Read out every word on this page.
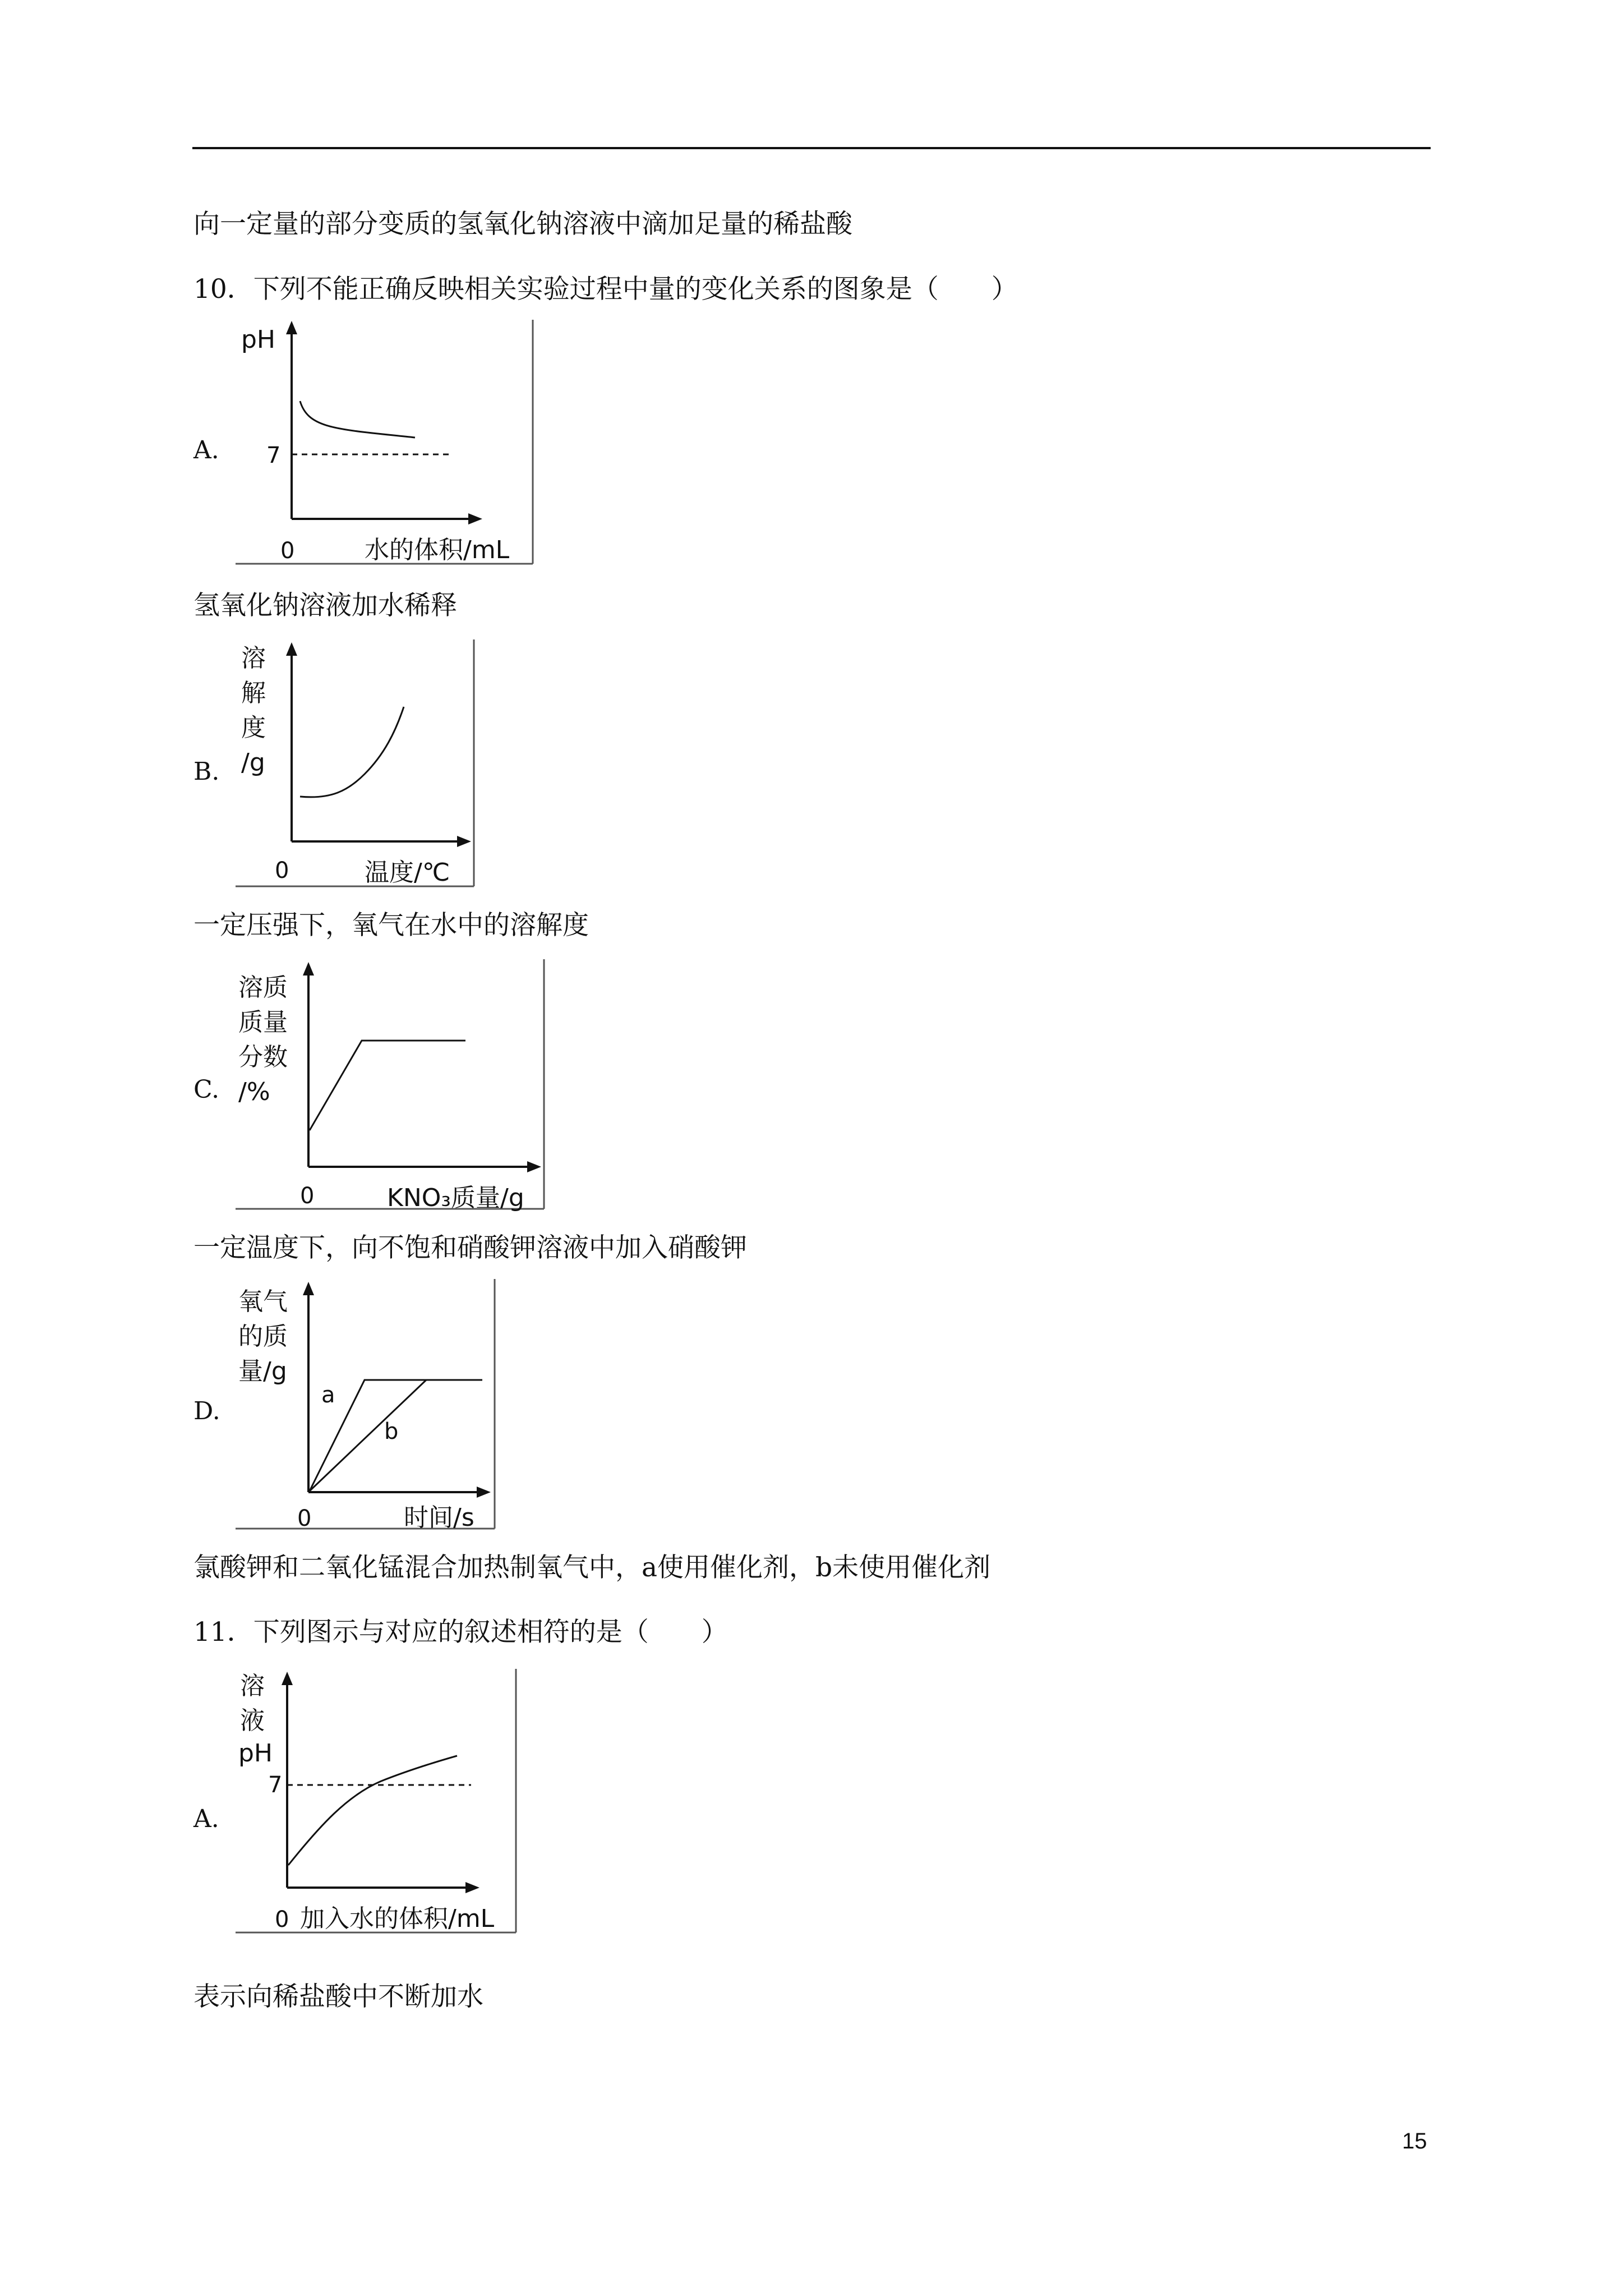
向一定量的部分变质的氢氧化钠溶液中滴加足量的稀盐酸
10．下列不能正确反映相关实验过程中量的变化关系的图象是（　　）
A.
pH
7
0	水的体积/mL
氢氧化钠溶液加水稀释
B.
溶
解
度
/g
0	温度/℃
一定压强下，氧气在水中的溶解度
C.
溶质
质量
分数
/%
0	KNO₃质量/g
一定温度下，向不饱和硝酸钾溶液中加入硝酸钾
D.
氧气
的质
量/g
a
b
0	时间/s
氯酸钾和二氧化锰混合加热制氧气中，a使用催化剂，b未使用催化剂
11．下列图示与对应的叙述相符的是（　　）
A.
溶
液
pH
7
0 加入水的体积/mL
表示向稀盐酸中不断加水
15
